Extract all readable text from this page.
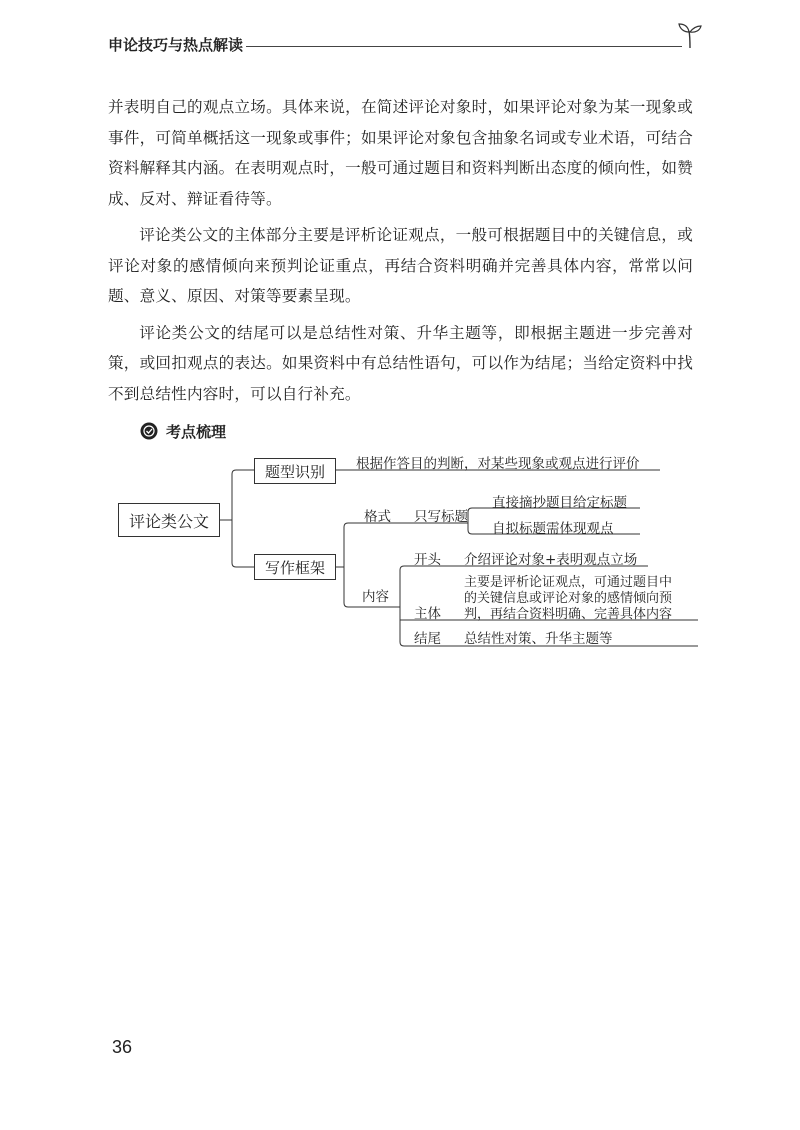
申论技巧与热点解读

并表明自己的观点立场。具体来说，在简述评论对象时，如果评论对象为某一现象或事件，可简单概括这一现象或事件；如果评论对象包含抽象名词或专业术语，可结合资料解释其内涵。在表明观点时，一般可通过题目和资料判断出态度的倾向性，如赞成、反对、辩证看待等。

评论类公文的主体部分主要是评析论证观点，一般可根据题目中的关键信息，或评论对象的感情倾向来预判论证重点，再结合资料明确并完善具体内容，常常以问题、意义、原因、对策等要素呈现。

评论类公文的结尾可以是总结性对策、升华主题等，即根据主题进一步完善对策，或回扣观点的表达。如果资料中有总结性语句，可以作为结尾；当给定资料中找不到总结性内容时，可以自行补充。

考点梳理
评论类公文
题型识别 根据作答目的判断，对某些现象或观点进行评价
写作框架
格式 只写标题
直接摘抄题目给定标题
自拟标题需体现观点
内容
开头 介绍评论对象+表明观点立场
主体
主要是评析论证观点，可通过题目中
的关键信息或评论对象的感情倾向预
判，再结合资料明确、完善具体内容
结尾 总结性对策、升华主题等
36
